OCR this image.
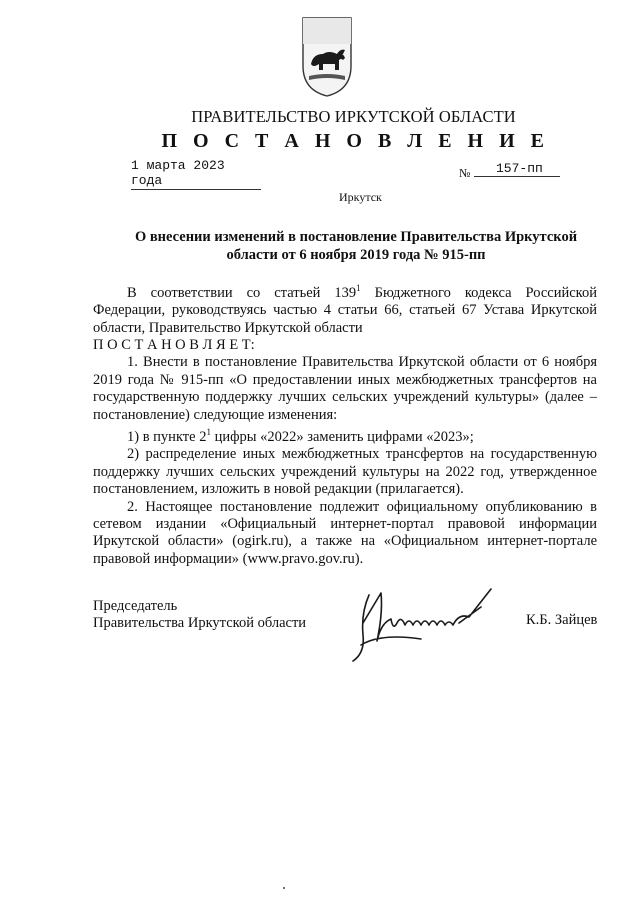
ПРАВИТЕЛЬСТВО ИРКУТСКОЙ ОБЛАСТИ
П О С Т А Н О В Л Е Н И Е
1 марта 2023 года	№	157-пп
Иркутск
О внесении изменений в постановление Правительства Иркутской
области от 6 ноября 2019 года № 915-пп

В соответствии со статьей $139^1$ Бюджетного кодекса Российской Федерации, руководствуясь частью 4 статьи 66, статьей 67 Устава Иркутской области, Правительство Иркутской области

П О С Т А Н О В Л Я Е Т:

1. Внести в постановление Правительства Иркутской области от 6 ноября 2019 года № 915-пп «О предоставлении иных межбюджетных трансфертов на государственную поддержку лучших сельских учреждений культуры» (далее – постановление) следующие изменения:

1) в пункте $2^1$ цифры «2022» заменить цифрами «2023»;

2) распределение иных межбюджетных трансфертов на государственную поддержку лучших сельских учреждений культуры на 2022 год, утвержденное постановлением, изложить в новой редакции (прилагается).

2. Настоящее постановление подлежит официальному опубликованию в сетевом издании «Официальный интернет-портал правовой информации Иркутской области» (ogirk.ru), а также на «Официальном интернет-портале правовой информации» (www.pravo.gov.ru).

Председатель
Правительства Иркутской области	К.Б. Зайцев
